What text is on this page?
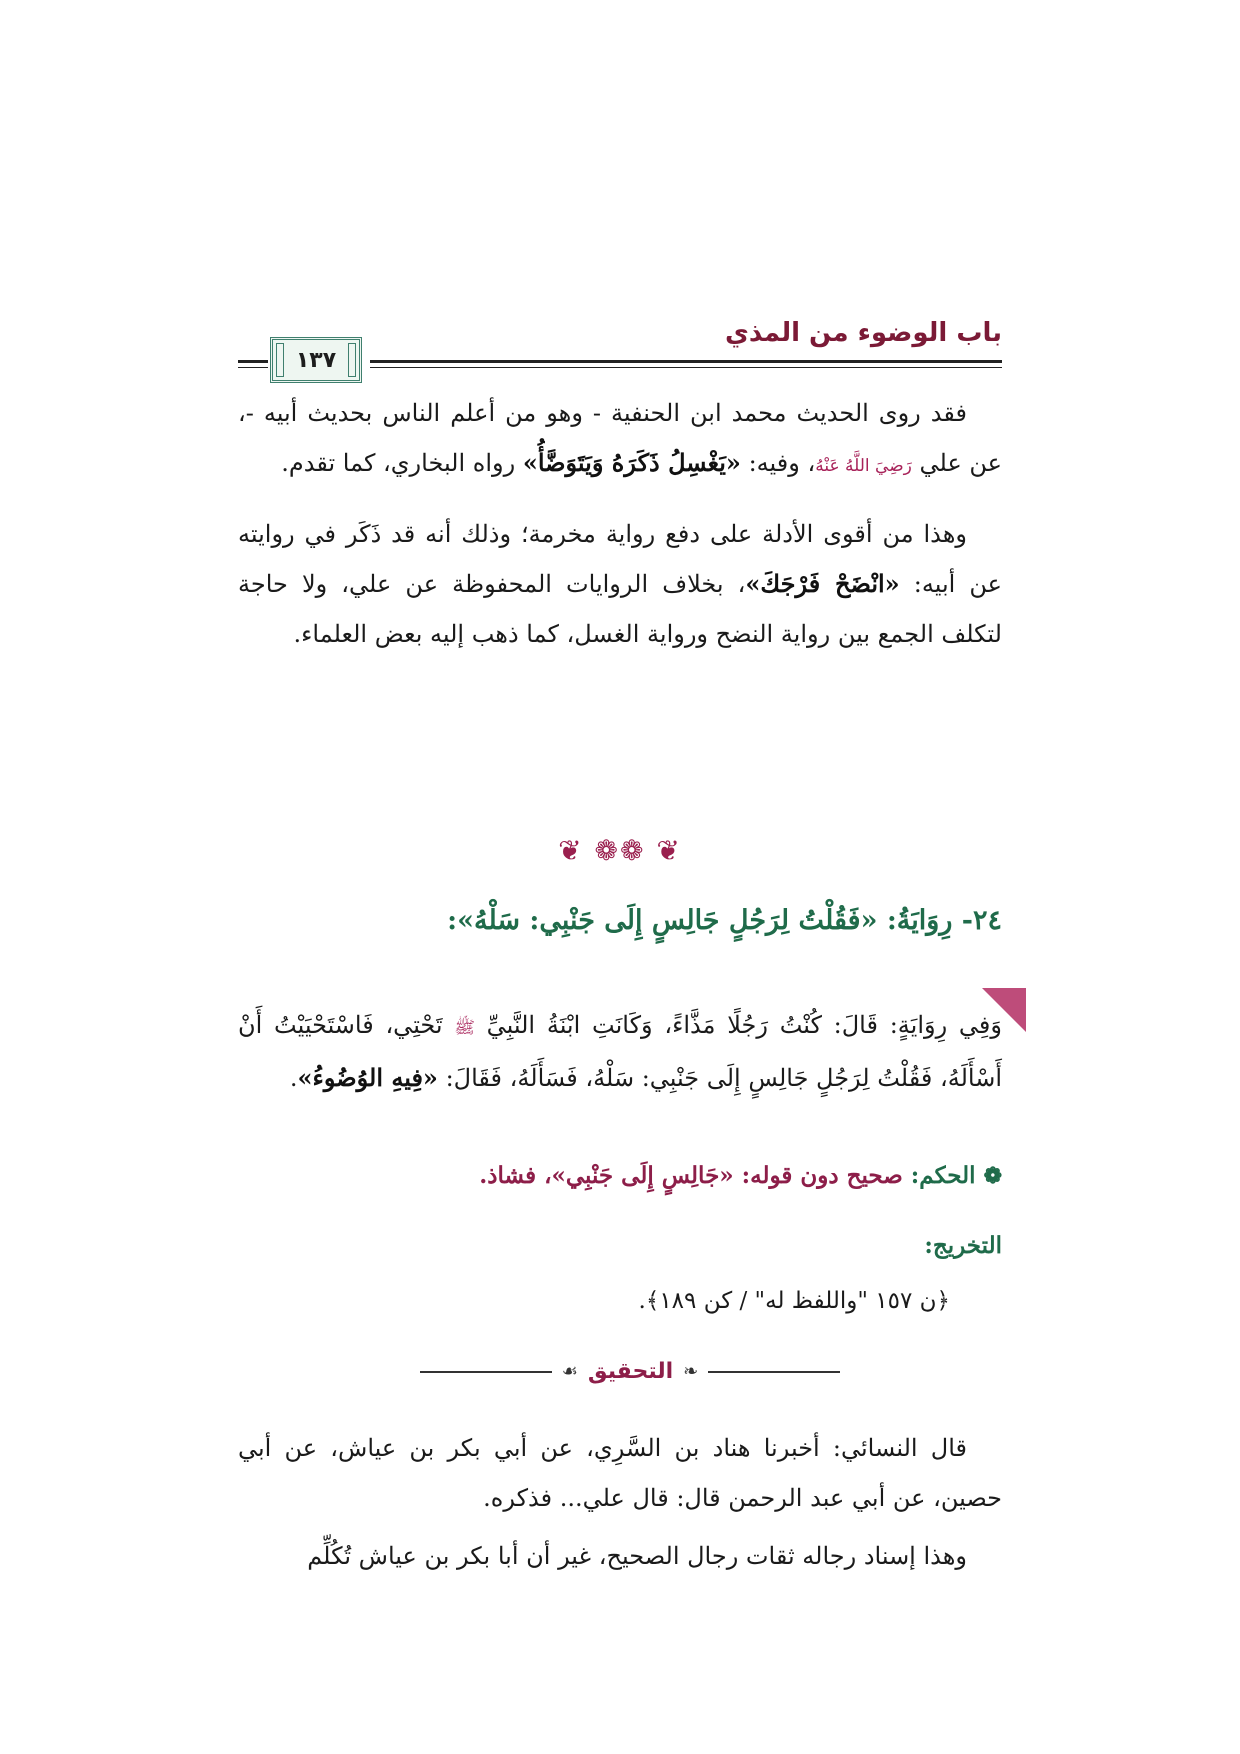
باب الوضوء من المذي
١٣٧

فقد روى الحديث محمد ابن الحنفية - وهو من أعلم الناس بحديث أبيه -، عن علي رَضِيَ اللَّهُ عَنْهُ، وفيه: «يَغْسِلُ ذَكَرَهُ وَيَتَوَضَّأُ» رواه البخاري، كما تقدم.

وهذا من أقوى الأدلة على دفع رواية مخرمة؛ وذلك أنه قد ذَكَر في روايته عن أبيه: «انْضَحْ فَرْجَكَ»، بخلاف الروايات المحفوظة عن علي، ولا حاجة لتكلف الجمع بين رواية النضح ورواية الغسل، كما ذهب إليه بعض العلماء.

❦ ❁❁ ❦
٢٤- رِوَايَةُ: «فَقُلْتُ لِرَجُلٍ جَالِسٍ إِلَى جَنْبِي: سَلْهُ»:
وَفِي رِوَايَةٍ: قَالَ: كُنْتُ رَجُلًا مَذَّاءً، وَكَانَتِ ابْنَةُ النَّبِيِّ ﷺ تَحْتِي، فَاسْتَحْيَيْتُ أَنْ أَسْأَلَهُ، فَقُلْتُ لِرَجُلٍ جَالِسٍ إِلَى جَنْبِي: سَلْهُ، فَسَأَلَهُ، فَقَالَ: «فِيهِ الوُضُوءُ».
❁الحكم: صحيح دون قوله: «جَالِسٍ إِلَى جَنْبِي»، فشاذ.
التخريج:
﴿ن ١٥٧ "واللفظ له" / كن ١٨٩﴾.
❧
التحقيق
☙

قال النسائي: أخبرنا هناد بن السَّرِي، عن أبي بكر بن عياش، عن أبي حصين، عن أبي عبد الرحمن قال: قال علي... فذكره.

وهذا إسناد رجاله ثقات رجال الصحيح، غير أن أبا بكر بن عياش تُكُلِّم
